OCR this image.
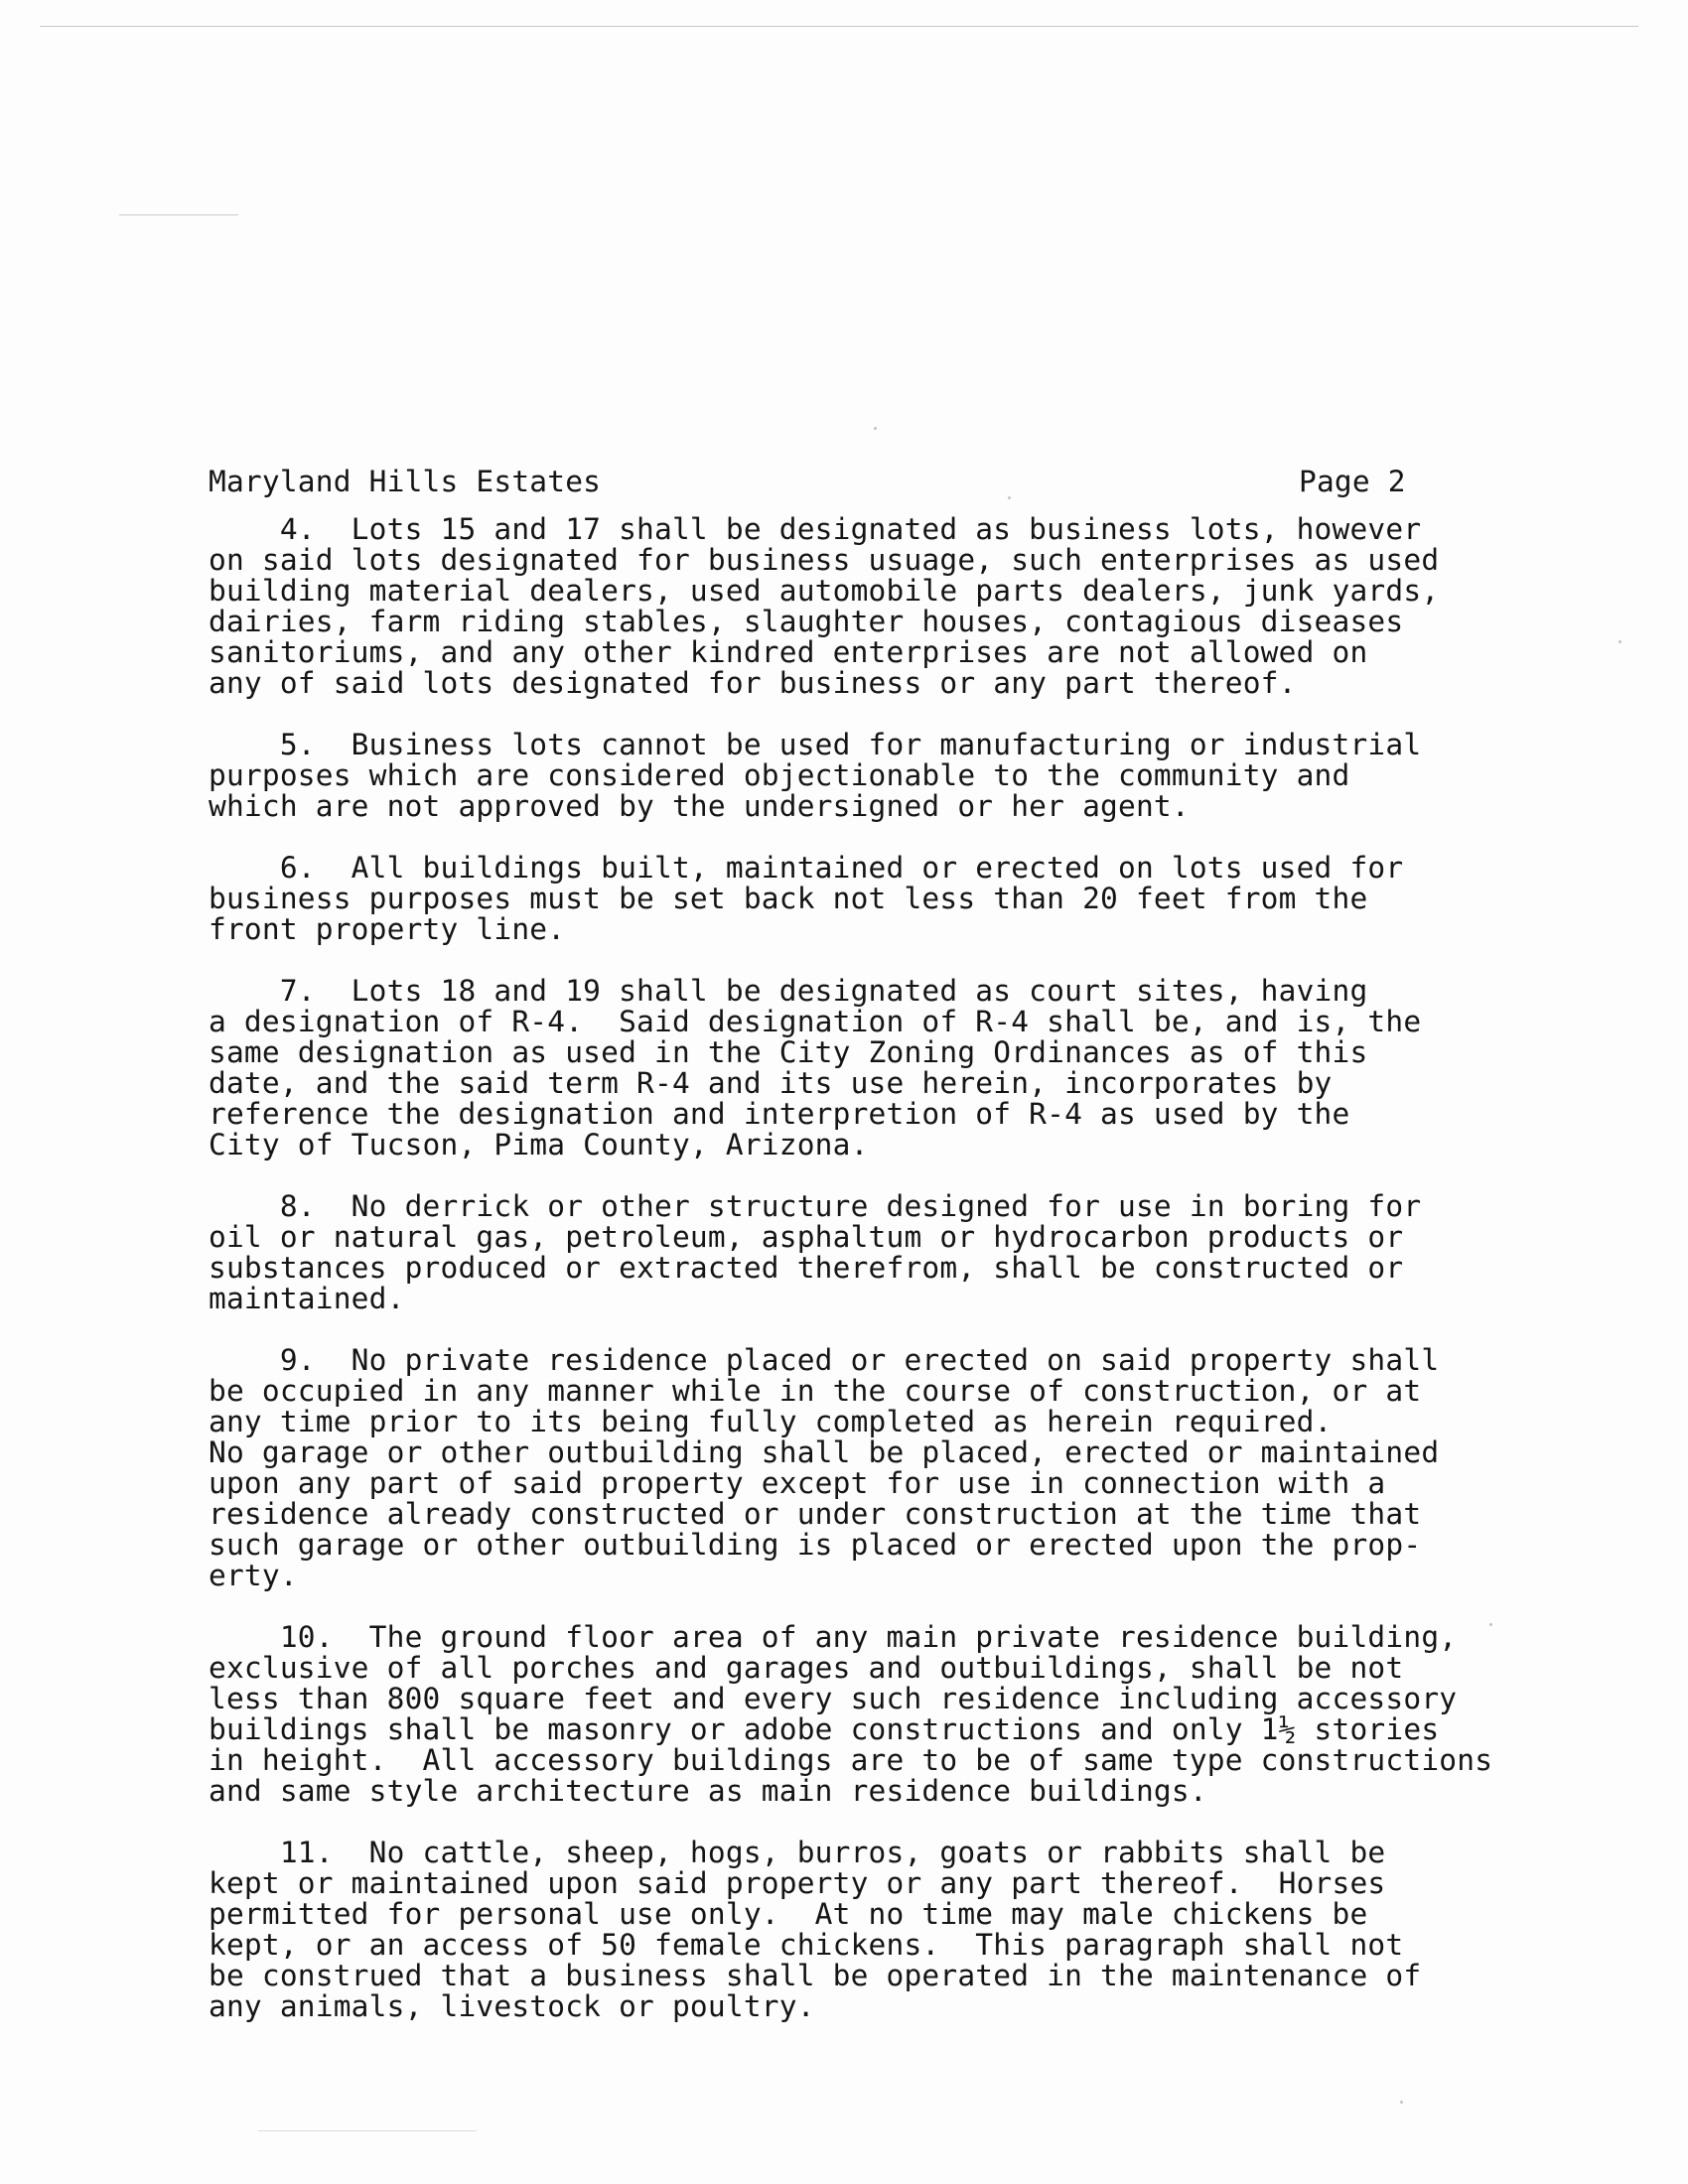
Maryland Hills Estates	Page 2
4.  Lots 15 and 17 shall be designated as business lots, however
on said lots designated for business usuage, such enterprises as used
building material dealers, used automobile parts dealers, junk yards,
dairies, farm riding stables, slaughter houses, contagious diseases
sanitoriums, and any other kindred enterprises are not allowed on
any of said lots designated for business or any part thereof.
5.  Business lots cannot be used for manufacturing or industrial
purposes which are considered objectionable to the community and
which are not approved by the undersigned or her agent.
6.  All buildings built, maintained or erected on lots used for
business purposes must be set back not less than 20 feet from the
front property line.
7.  Lots 18 and 19 shall be designated as court sites, having
a designation of R-4.  Said designation of R-4 shall be, and is, the
same designation as used in the City Zoning Ordinances as of this
date, and the said term R-4 and its use herein, incorporates by
reference the designation and interpretion of R-4 as used by the
City of Tucson, Pima County, Arizona.
8.  No derrick or other structure designed for use in boring for
oil or natural gas, petroleum, asphaltum or hydrocarbon products or
substances produced or extracted therefrom, shall be constructed or
maintained.
9.  No private residence placed or erected on said property shall
be occupied in any manner while in the course of construction, or at
any time prior to its being fully completed as herein required.
No garage or other outbuilding shall be placed, erected or maintained
upon any part of said property except for use in connection with a
residence already constructed or under construction at the time that
such garage or other outbuilding is placed or erected upon the prop-
erty.
10.  The ground floor area of any main private residence building,
exclusive of all porches and garages and outbuildings, shall be not
less than 800 square feet and every such residence including accessory
buildings shall be masonry or adobe constructions and only 1½ stories
in height.  All accessory buildings are to be of same type constructions
and same style architecture as main residence buildings.
11.  No cattle, sheep, hogs, burros, goats or rabbits shall be
kept or maintained upon said property or any part thereof.  Horses
permitted for personal use only.  At no time may male chickens be
kept, or an access of 50 female chickens.  This paragraph shall not
be construed that a business shall be operated in the maintenance of
any animals, livestock or poultry.
